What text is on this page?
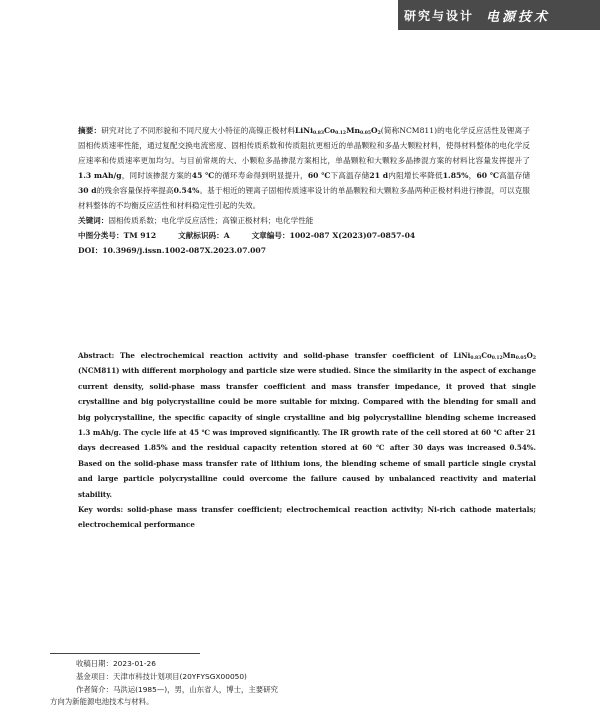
研究与设计 电源技术

摘要：研究对比了不同形貌和不同尺度大小特征的高镍正极材料$LiNi_{0.83}Co_{0.12}Mn_{0.05}O_2$(简称NCM811)的电化学反应活性及锂离子固相传质速率性能，通过复配交换电流密度、固相传质系数和传质阻抗更相近的单晶颗粒和多晶大颗粒材料，使得材料整体的电化学反应速率和传质速率更加均匀。与目前常规的大、小颗粒多晶掺混方案相比，单晶颗粒和大颗粒多晶掺混方案的材料比容量发挥提升了1.3 mAh/g，同时该掺混方案的45 ℃的循环寿命得到明显提升，60 ℃下高温存储21 d内阻增长率降低1.85%，60 ℃高温存储30 d的残余容量保持率提高0.54%。基于相近的锂离子固相传质速率设计的单晶颗粒和大颗粒多晶两种正极材料进行掺混，可以克服材料整体的不均衡反应活性和材料稳定性引起的失效。

关键词：固相传质系数；电化学反应活性；高镍正极材料；电化学性能

中图分类号：TM 912	文献标识码：A	文章编号：1002-087 X(2023)07-0857-04

DOI：10.3969/j.issn.1002-087X.2023.07.007

Abstract: The electrochemical reaction activity and solid-phase transfer coefficient of $LiNi_{0.83}Co_{0.12}Mn_{0.05}O_2$ (NCM811) with different morphology and particle size were studied. Since the similarity in the aspect of exchange current density, solid-phase mass transfer coefficient and mass transfer impedance, it proved that single crystalline and big polycrystalline could be more suitable for mixing. Compared with the blending for small and big polycrystalline, the specific capacity of single crystalline and big polycrystalline blending scheme increased 1.3 mAh/g. The cycle life at 45 ℃ was improved significantly. The IR growth rate of the cell stored at 60 ℃ after 21 days decreased 1.85% and the residual capacity retention stored at 60 ℃ after 30 days was increased 0.54%. Based on the solid-phase mass transfer rate of lithium ions, the blending scheme of small particle single crystal and large particle polycrystalline could overcome the failure caused by unbalanced reactivity and material stability.

Key words: solid-phase mass transfer coefficient; electrochemical reaction activity; Ni-rich cathode materials; electrochemical performance

收稿日期：2023-01-26

基金项目：天津市科技计划项目(20YFYSGX00050)

作者简介：马洪运(1985—)，男，山东省人，博士，主要研究

方向为新能源电池技术与材料。
